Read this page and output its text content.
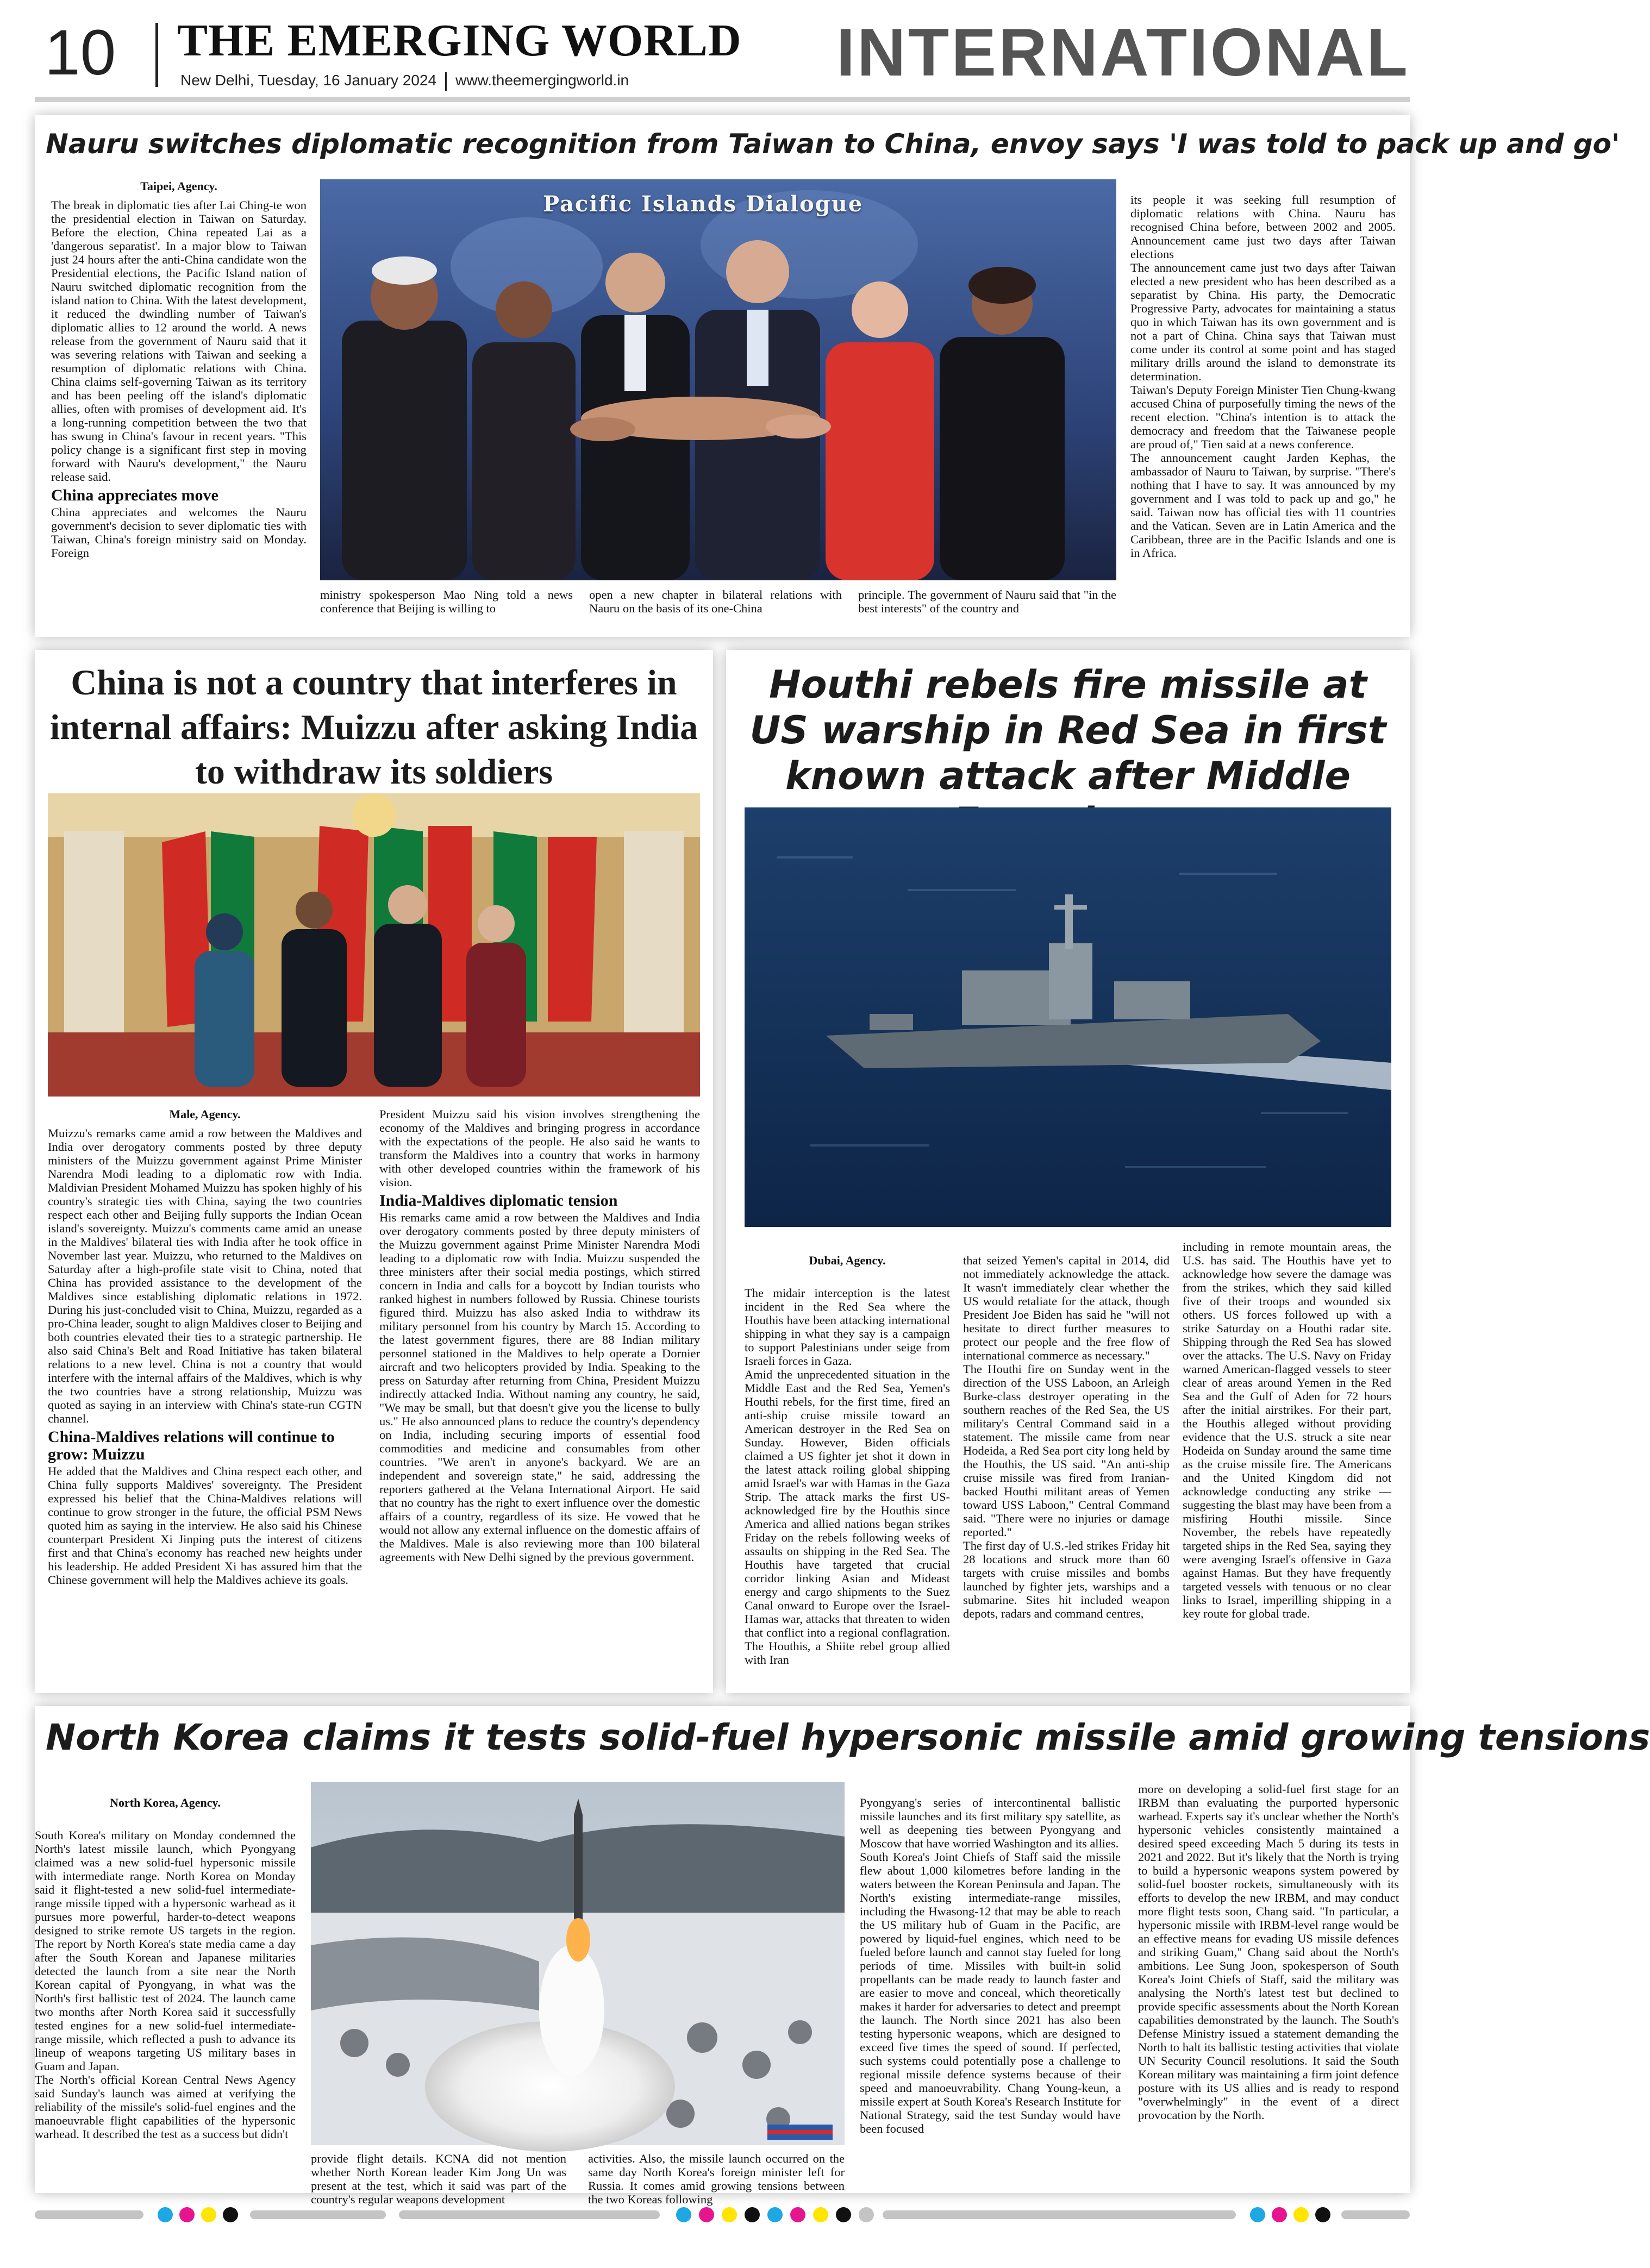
10 THE EMERGING WORLD
New Delhi, Tuesday, 16 January 2024 www.theemergingworld.in	INTERNATIONAL
Nauru switches diplomatic recognition from Taiwan to China, envoy says 'I was told to pack up and go'
Taipei, Agency.

The break in diplomatic ties after Lai Ching-te won the presidential election in Taiwan on Saturday. Before the election, China repeated Lai as a 'dangerous separatist'. In a major blow to Taiwan just 24 hours after the anti-China candidate won the Presidential elections, the Pacific Island nation of Nauru switched diplomatic recognition from the island nation to China. With the latest development, it reduced the dwindling number of Taiwan's diplomatic allies to 12 around the world. A news release from the government of Nauru said that it was severing relations with Taiwan and seeking a resumption of diplomatic relations with China. China claims self-governing Taiwan as its territory and has been peeling off the island's diplomatic allies, often with promises of development aid. It's a long-running competition between the two that has swung in China's favour in recent years. "This policy change is a significant first step in moving forward with Nauru's development," the Nauru release said.

China appreciates move

China appreciates and welcomes the Nauru government's decision to sever diplomatic ties with Taiwan, China's foreign ministry said on Monday. Foreign

Pacific Islands Dialogue

ministry spokesperson Mao Ning told a news conference that Beijing is willing to

open a new chapter in bilateral relations with Nauru on the basis of its one-China

principle. The government of Nauru said that "in the best interests" of the country and

its people it was seeking full resumption of diplomatic relations with China. Nauru has recognised China before, between 2002 and 2005. Announcement came just two days after Taiwan elections
The announcement came just two days after Taiwan elected a new president who has been described as a separatist by China. His party, the Democratic Progressive Party, advocates for maintaining a status quo in which Taiwan has its own government and is not a part of China. China says that Taiwan must come under its control at some point and has staged military drills around the island to demonstrate its determination.
Taiwan's Deputy Foreign Minister Tien Chung-kwang accused China of purposefully timing the news of the recent election. "China's intention is to attack the democracy and freedom that the Taiwanese people are proud of," Tien said at a news conference.
The announcement caught Jarden Kephas, the ambassador of Nauru to Taiwan, by surprise. "There's nothing that I have to say. It was announced by my government and I was told to pack up and go," he said. Taiwan now has official ties with 11 countries and the Vatican. Seven are in Latin America and the Caribbean, three are in the Pacific Islands and one is in Africa.

China is not a country that interferes in internal affairs: Muizzu after asking India to withdraw its soldiers
Male, Agency.

Muizzu's remarks came amid a row between the Maldives and India over derogatory comments posted by three deputy ministers of the Muizzu government against Prime Minister Narendra Modi leading to a diplomatic row with India. Maldivian President Mohamed Muizzu has spoken highly of his country's strategic ties with China, saying the two countries respect each other and Beijing fully supports the Indian Ocean island's sovereignty. Muizzu's comments came amid an unease in the Maldives' bilateral ties with India after he took office in November last year. Muizzu, who returned to the Maldives on Saturday after a high-profile state visit to China, noted that China has provided assistance to the development of the Maldives since establishing diplomatic relations in 1972. During his just-concluded visit to China, Muizzu, regarded as a pro-China leader, sought to align Maldives closer to Beijing and both countries elevated their ties to a strategic partnership. He also said China's Belt and Road Initiative has taken bilateral relations to a new level. China is not a country that would interfere with the internal affairs of the Maldives, which is why the two countries have a strong relationship, Muizzu was quoted as saying in an interview with China's state-run CGTN channel.

China-Maldives relations will continue to grow: Muizzu

He added that the Maldives and China respect each other, and China fully supports Maldives' sovereignty. The President expressed his belief that the China-Maldives relations will continue to grow stronger in the future, the official PSM News quoted him as saying in the interview. He also said his Chinese counterpart President Xi Jinping puts the interest of citizens first and that China's economy has reached new heights under his leadership. He added President Xi has assured him that the Chinese government will help the Maldives achieve its goals.

President Muizzu said his vision involves strengthening the economy of the Maldives and bringing progress in accordance with the expectations of the people. He also said he wants to transform the Maldives into a country that works in harmony with other developed countries within the framework of his vision.

India-Maldives diplomatic tension

His remarks came amid a row between the Maldives and India over derogatory comments posted by three deputy ministers of the Muizzu government against Prime Minister Narendra Modi leading to a diplomatic row with India. Muizzu suspended the three ministers after their social media postings, which stirred concern in India and calls for a boycott by Indian tourists who ranked highest in numbers followed by Russia. Chinese tourists figured third. Muizzu has also asked India to withdraw its military personnel from his country by March 15. According to the latest government figures, there are 88 Indian military personnel stationed in the Maldives to help operate a Dornier aircraft and two helicopters provided by India. Speaking to the press on Saturday after returning from China, President Muizzu indirectly attacked India. Without naming any country, he said, "We may be small, but that doesn't give you the license to bully us." He also announced plans to reduce the country's dependency on India, including securing imports of essential food commodities and medicine and consumables from other countries. "We aren't in anyone's backyard. We are an independent and sovereign state," he said, addressing the reporters gathered at the Velana International Airport. He said that no country has the right to exert influence over the domestic affairs of a country, regardless of its size. He vowed that he would not allow any external influence on the domestic affairs of the Maldives. Male is also reviewing more than 100 bilateral agreements with New Delhi signed by the previous government.

Houthi rebels fire missile at US warship in Red Sea in first known attack after Middle

Dubai, Agency.

The midair interception is the latest incident in the Red Sea where the Houthis have been attacking international shipping in what they say is a campaign to support Palestinians under seige from Israeli forces in Gaza.
Amid the unprecedented situation in the Middle East and the Red Sea, Yemen's Houthi rebels, for the first time, fired an anti-ship cruise missile toward an American destroyer in the Red Sea on Sunday. However, Biden officials claimed a US fighter jet shot it down in the latest attack roiling global shipping amid Israel's war with Hamas in the Gaza Strip. The attack marks the first US-acknowledged fire by the Houthis since America and allied nations began strikes Friday on the rebels following weeks of assaults on shipping in the Red Sea. The Houthis have targeted that crucial corridor linking Asian and Mideast energy and cargo shipments to the Suez Canal onward to Europe over the Israel-Hamas war, attacks that threaten to widen that conflict into a regional conflagration. The Houthis, a Shiite rebel group allied with Iran

that seized Yemen's capital in 2014, did not immediately acknowledge the attack. It wasn't immediately clear whether the US would retaliate for the attack, though President Joe Biden has said he "will not hesitate to direct further measures to protect our people and the free flow of international commerce as necessary."
The Houthi fire on Sunday went in the direction of the USS Laboon, an Arleigh Burke-class destroyer operating in the southern reaches of the Red Sea, the US military's Central Command said in a statement. The missile came from near Hodeida, a Red Sea port city long held by the Houthis, the US said. "An anti-ship cruise missile was fired from Iranian-backed Houthi militant areas of Yemen toward USS Laboon," Central Command said. "There were no injuries or damage reported."
The first day of U.S.-led strikes Friday hit 28 locations and struck more than 60 targets with cruise missiles and bombs launched by fighter jets, warships and a submarine. Sites hit included weapon depots, radars and command centres,

including in remote mountain areas, the U.S. has said. The Houthis have yet to acknowledge how severe the damage was from the strikes, which they said killed five of their troops and wounded six others. US forces followed up with a strike Saturday on a Houthi radar site. Shipping through the Red Sea has slowed over the attacks. The U.S. Navy on Friday warned American-flagged vessels to steer clear of areas around Yemen in the Red Sea and the Gulf of Aden for 72 hours after the initial airstrikes. For their part, the Houthis alleged without providing evidence that the U.S. struck a site near Hodeida on Sunday around the same time as the cruise missile fire. The Americans and the United Kingdom did not acknowledge conducting any strike — suggesting the blast may have been from a misfiring Houthi missile. Since November, the rebels have repeatedly targeted ships in the Red Sea, saying they were avenging Israel's offensive in Gaza against Hamas. But they have frequently targeted vessels with tenuous or no clear links to Israel, imperilling shipping in a key route for global trade.

North Korea claims it tests solid-fuel hypersonic missile amid growing tensions

North Korea, Agency.

South Korea's military on Monday condemned the North's latest missile launch, which Pyongyang claimed was a new solid-fuel hypersonic missile with intermediate range. North Korea on Monday said it flight-tested a new solid-fuel intermediate-range missile tipped with a hypersonic warhead as it pursues more powerful, harder-to-detect weapons designed to strike remote US targets in the region. The report by North Korea's state media came a day after the South Korean and Japanese militaries detected the launch from a site near the North Korean capital of Pyongyang, in what was the North's first ballistic test of 2024. The launch came two months after North Korea said it successfully tested engines for a new solid-fuel intermediate-range missile, which reflected a push to advance its lineup of weapons targeting US military bases in Guam and Japan.
The North's official Korean Central News Agency said Sunday's launch was aimed at verifying the reliability of the missile's solid-fuel engines and the manoeuvrable flight capabilities of the hypersonic warhead. It described the test as a success but didn't

provide flight details. KCNA did not mention whether North Korean leader Kim Jong Un was present at the test, which it said was part of the country's regular weapons development

activities. Also, the missile launch occurred on the same day North Korea's foreign minister left for Russia. It comes amid growing tensions between the two Koreas following

Pyongyang's series of intercontinental ballistic missile launches and its first military spy satellite, as well as deepening ties between Pyongyang and Moscow that have worried Washington and its allies.
South Korea's Joint Chiefs of Staff said the missile flew about 1,000 kilometres before landing in the waters between the Korean Peninsula and Japan. The North's existing intermediate-range missiles, including the Hwasong-12 that may be able to reach the US military hub of Guam in the Pacific, are powered by liquid-fuel engines, which need to be fueled before launch and cannot stay fueled for long periods of time. Missiles with built-in solid propellants can be made ready to launch faster and are easier to move and conceal, which theoretically makes it harder for adversaries to detect and preempt the launch. The North since 2021 has also been testing hypersonic weapons, which are designed to exceed five times the speed of sound. If perfected, such systems could potentially pose a challenge to regional missile defence systems because of their speed and manoeuvrability. Chang Young-keun, a missile expert at South Korea's Research Institute for National Strategy, said the test Sunday would have been focused

more on developing a solid-fuel first stage for an IRBM than evaluating the purported hypersonic warhead. Experts say it's unclear whether the North's hypersonic vehicles consistently maintained a desired speed exceeding Mach 5 during its tests in 2021 and 2022. But it's likely that the North is trying to build a hypersonic weapons system powered by solid-fuel booster rockets, simultaneously with its efforts to develop the new IRBM, and may conduct more flight tests soon, Chang said. "In particular, a hypersonic missile with IRBM-level range would be an effective means for evading US missile defences and striking Guam," Chang said about the North's ambitions. Lee Sung Joon, spokesperson of South Korea's Joint Chiefs of Staff, said the military was analysing the North's latest test but declined to provide specific assessments about the North Korean capabilities demonstrated by the launch. The South's Defense Ministry issued a statement demanding the North to halt its ballistic testing activities that violate UN Security Council resolutions. It said the South Korean military was maintaining a firm joint defence posture with its US allies and is ready to respond "overwhelmingly" in the event of a direct provocation by the North.
